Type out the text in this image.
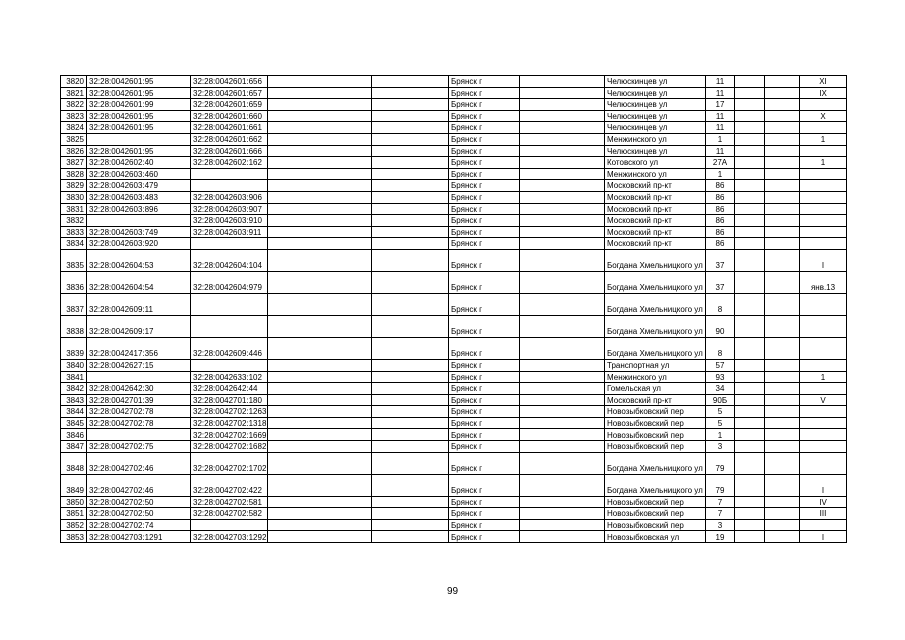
3820	32:28:0042601:95	32:28:0042601:656			Брянск г		Челюскинцев ул	11			XI
3821	32:28:0042601:95	32:28:0042601:657			Брянск г		Челюскинцев ул	11			IX
3822	32:28:0042601:99	32:28:0042601:659			Брянск г		Челюскинцев ул	17			
3823	32:28:0042601:95	32:28:0042601:660			Брянск г		Челюскинцев ул	11			X
3824	32:28:0042601:95	32:28:0042601:661			Брянск г		Челюскинцев ул	11			
3825		32:28:0042601:662			Брянск г		Менжинского ул	1			1
3826	32:28:0042601:95	32:28:0042601:666			Брянск г		Челюскинцев ул	11			
3827	32:28:0042602:40	32:28:0042602:162			Брянск г		Котовского ул	27А			1
3828	32:28:0042603:460				Брянск г		Менжинского ул	1			
3829	32:28:0042603:479				Брянск г		Московский пр-кт	86			
3830	32:28:0042603:483	32:28:0042603:906			Брянск г		Московский пр-кт	86			
3831	32:28:0042603:896	32:28:0042603:907			Брянск г		Московский пр-кт	86			
3832		32:28:0042603:910			Брянск г		Московский пр-кт	86			
3833	32:28:0042603:749	32:28:0042603:911			Брянск г		Московский пр-кт	86			
3834	32:28:0042603:920				Брянск г		Московский пр-кт	86			
3835	32:28:0042604:53	32:28:0042604:104			Брянск г		Богдана Хмельницкого ул	37			I
3836	32:28:0042604:54	32:28:0042604:979			Брянск г		Богдана Хмельницкого ул	37			янв.13
3837	32:28:0042609:11				Брянск г		Богдана Хмельницкого ул	8			
3838	32:28:0042609:17				Брянск г		Богдана Хмельницкого ул	90			
3839	32:28:0042417:356	32:28:0042609:446			Брянск г		Богдана Хмельницкого ул	8			
3840	32:28:0042627:15				Брянск г		Транспортная ул	57			
3841		32:28:0042633:102			Брянск г		Менжинского ул	93			1
3842	32:28:0042642:30	32:28:0042642:44			Брянск г		Гомельская ул	34			
3843	32:28:0042701:39	32:28:0042701:180			Брянск г		Московский пр-кт	90Б			V
3844	32:28:0042702:78	32:28:0042702:1263			Брянск г		Новозыбковский пер	5			
3845	32:28:0042702:78	32:28:0042702:1318			Брянск г		Новозыбковский пер	5			
3846		32:28:0042702:1669			Брянск г		Новозыбковский пер	1			
3847	32:28:0042702:75	32:28:0042702:1682			Брянск г		Новозыбковский пер	3			
3848	32:28:0042702:46	32:28:0042702:1702			Брянск г		Богдана Хмельницкого ул	79			
3849	32:28:0042702:46	32:28:0042702:422			Брянск г		Богдана Хмельницкого ул	79			I
3850	32:28:0042702:50	32:28:0042702:581			Брянск г		Новозыбковский пер	7			IV
3851	32:28:0042702:50	32:28:0042702:582			Брянск г		Новозыбковский пер	7			III
3852	32:28:0042702:74				Брянск г		Новозыбковский пер	3			
3853	32:28:0042703:1291	32:28:0042703:1292			Брянск г		Новозыбковская ул	19			I
99
